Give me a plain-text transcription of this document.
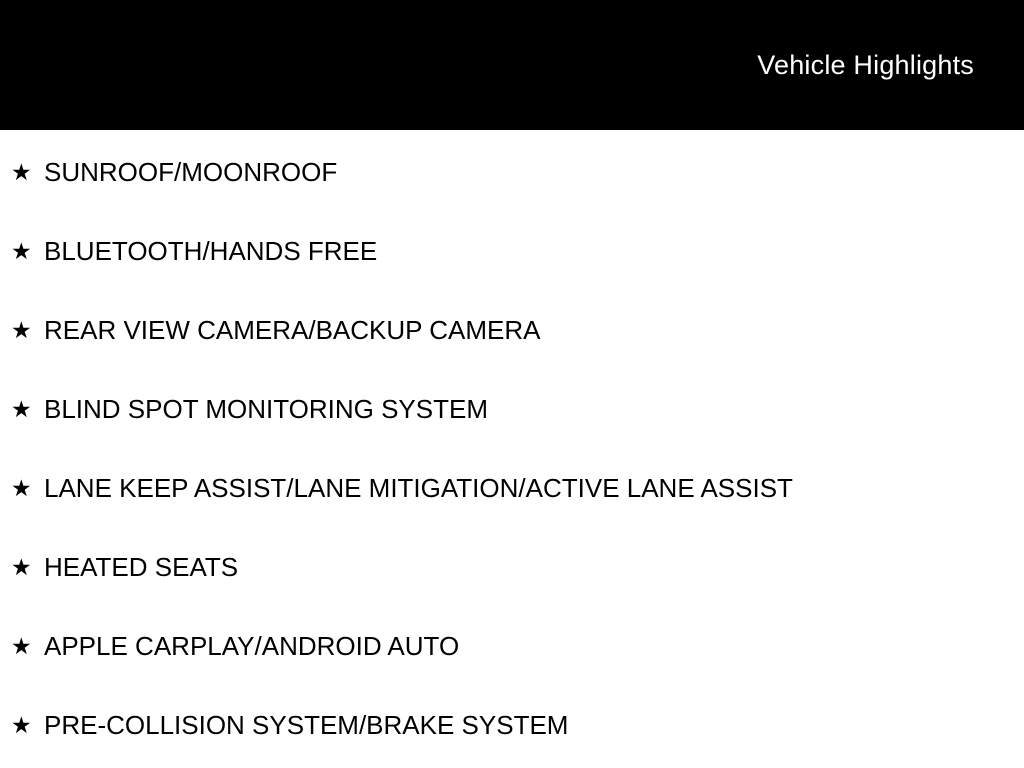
Vehicle Highlights
★ SUNROOF/MOONROOF
★ BLUETOOTH/HANDS FREE
★ REAR VIEW CAMERA/BACKUP CAMERA
★ BLIND SPOT MONITORING SYSTEM
★ LANE KEEP ASSIST/LANE MITIGATION/ACTIVE LANE ASSIST
★ HEATED SEATS
★ APPLE CARPLAY/ANDROID AUTO
★ PRE-COLLISION SYSTEM/BRAKE SYSTEM
